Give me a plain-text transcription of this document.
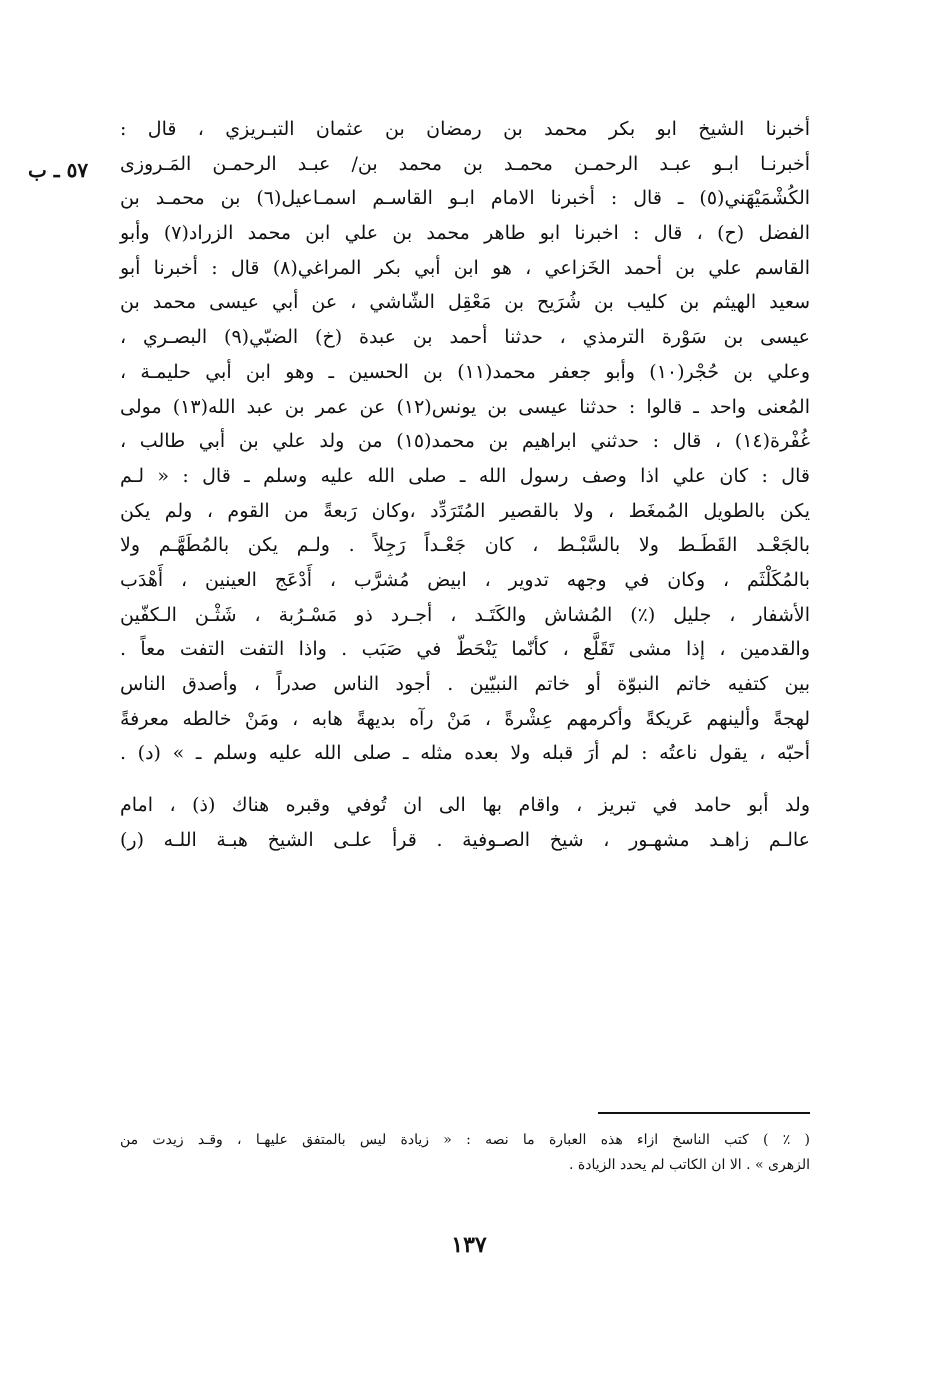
٥٧ ـ ب
أخبرنا الشيخ ابو بكر محمد بن رمضان بن عثمان التبـريزي ، قال :
أخبرنـا ابـو عبـد الرحمـن محمـد بن محمد بن/ عبـد الرحمـن المَـروزى
الكُشْمَيْهَني(٥) ـ قال : أخبرنا الامام ابـو القاسـم اسمـاعيل(٦) بن محمـد بن
الفضل (ح) ، قال : اخبرنا ابو طاهر محمد بن علي ابن محمد الزراد(٧) وأبو
القاسم علي بن أحمد الخَزاعي ، هو ابن أبي بكر المراغي(٨) قال : أخبرنا أبو
سعيد الهيثم بن كليب بن شُرَيح بن مَعْقِل الشّاشي ، عن أبي عيسى محمد بن
عيسى بن سَوْرة الترمذي ، حدثنا أحمد بن عبدة (خ) الضبّي(٩) البصـري ،
وعلي بن حُجْر(١٠) وأبو جعفر محمد(١١) بن الحسين ـ وهو ابن أبي حليمـة ،
المُعنى واحد ـ قالوا : حدثنا عيسى بن يونس(١٢) عن عمر بن عبد الله(١٣) مولى
غُفْرة(١٤) ، قال : حدثني ابراهيم بن محمد(١٥) من ولد علي بن أبي طالب ،
قال : كان علي اذا وصف رسول الله ـ صلى الله عليه وسلم ـ قال : « لـم
يكن بالطويل المُمغَط ، ولا بالقصير المُتَرَدِّد ،وكان رَبعةً من القوم ، ولم يكن
بالجَعْـد القَطَـط ولا بالسَّبْـط ، كان جَعْـداً رَجِلاً . ولـم يكن بالمُطَهَّـم ولا
بالمُكَلْثَم ، وكان في وجهه تدوير ، ابيض مُشرَّب ، أَدْعَج العينين ، أَهْدَب
الأشفار ، جليل (٪) المُشاش والكَتَـد ، أجـرد ذو مَسْـرُبة ، شَثْـن الـكفّين
والقدمين ، إذا مشى تَقَلَّع ، كأنّما يَنْحَطّ في صَبَب . واذا التفت التفت معاً .
بين كتفيه خاتم النبوّة أو خاتم النبيّين . أجود الناس صدراً ، وأصدق الناس
لهجةً وألينهم عَريكةً وأكرمهم عِشْرةً ، مَنْ رآه بديهةً هابه ، ومَنْ خالطه معرفةً
أحبّه ، يقول ناعتُه : لم أرَ قبله ولا بعده مثله ـ صلى الله عليه وسلم ـ » (د) .
ولد أبو حامد في تبريز ، واقام بها الى ان تُوفي وقبره هناك (ذ) ، امام
عالـم زاهـد مشهـور ، شيخ الصـوفية . قرأ علـى الشيخ هبـة اللـه (ر)
( ٪ ) كتب الناسخ ازاء هذه العبارة ما نصه : « زيادة ليس بالمتفق عليهـا ، وقـد زيدت من
الزهرى » . الا ان الكاتب لم يحدد الزيادة .
١٣٧
